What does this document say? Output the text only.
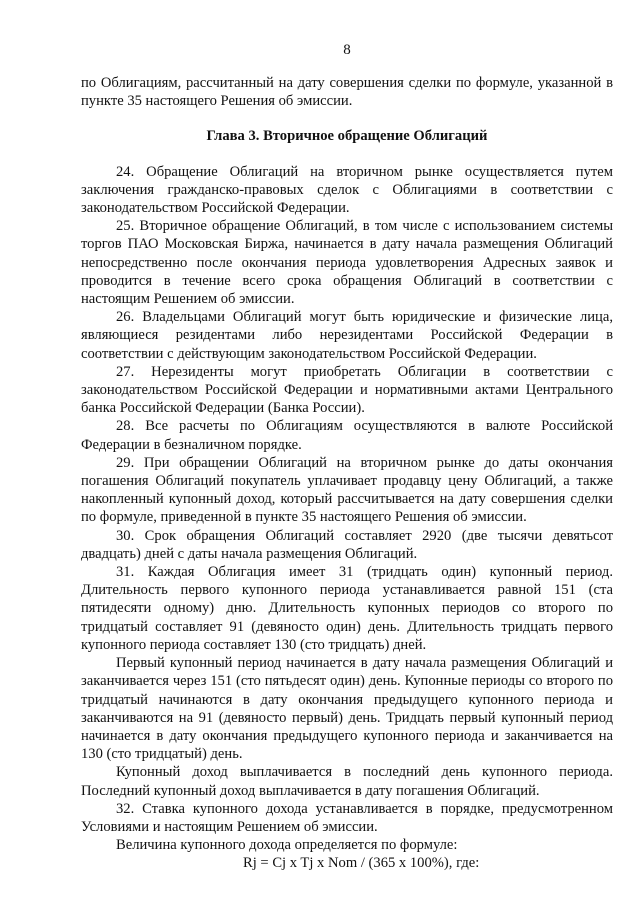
8

по Облигациям, рассчитанный на дату совершения сделки по формуле, указанной в пункте 35 настоящего Решения об эмиссии.

Глава 3. Вторичное обращение Облигаций

24. Обращение Облигаций на вторичном рынке осуществляется путем заключения гражданско-правовых сделок с Облигациями в соответствии с законодательством Российской Федерации.

25. Вторичное обращение Облигаций, в том числе с использованием системы торгов ПАО Московская Биржа, начинается в дату начала размещения Облигаций непосредственно после окончания периода удовлетворения Адресных заявок и проводится в течение всего срока обращения Облигаций в соответствии с настоящим Решением об эмиссии.

26. Владельцами Облигаций могут быть юридические и физические лица, являющиеся резидентами либо нерезидентами Российской Федерации в соответствии с действующим законодательством Российской Федерации.

27. Нерезиденты могут приобретать Облигации в соответствии с законодательством Российской Федерации и нормативными актами Центрального банка Российской Федерации (Банка России).

28. Все расчеты по Облигациям осуществляются в валюте Российской Федерации в безналичном порядке.

29. При обращении Облигаций на вторичном рынке до даты окончания погашения Облигаций покупатель уплачивает продавцу цену Облигаций, а также накопленный купонный доход, который рассчитывается на дату совершения сделки по формуле, приведенной в пункте 35 настоящего Решения об эмиссии.

30. Срок обращения Облигаций составляет 2920 (две тысячи девятьсот двадцать) дней с даты начала размещения Облигаций.

31. Каждая Облигация имеет 31 (тридцать один) купонный период. Длительность первого купонного периода устанавливается равной 151 (ста пятидесяти одному) дню. Длительность купонных периодов со второго по тридцатый составляет 91 (девяносто один) день. Длительность тридцать первого купонного периода составляет 130 (сто тридцать) дней.

Первый купонный период начинается в дату начала размещения Облигаций и заканчивается через 151 (сто пятьдесят один) день. Купонные периоды со второго по тридцатый начинаются в дату окончания предыдущего купонного периода и заканчиваются на 91 (девяносто первый) день. Тридцать первый купонный период начинается в дату окончания предыдущего купонного периода и заканчивается на 130 (сто тридцатый) день.

Купонный доход выплачивается в последний день купонного периода. Последний купонный доход выплачивается в дату погашения Облигаций.

32. Ставка купонного дохода устанавливается в порядке, предусмотренном Условиями и настоящим Решением об эмиссии.

Величина купонного дохода определяется по формуле:

Rj = Cj x Tj x Nom / (365 x 100%), где:
